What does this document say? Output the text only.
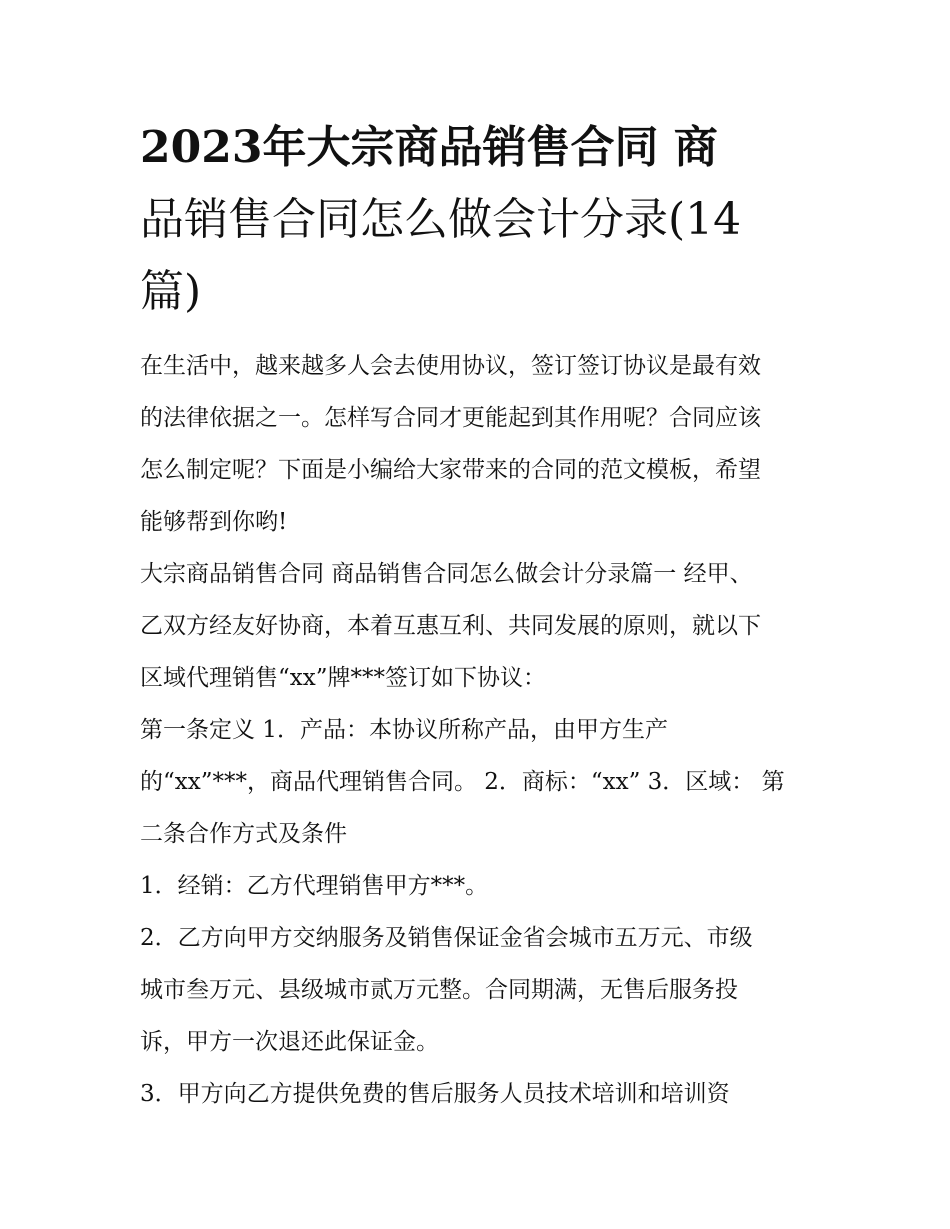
2023年大宗商品销售合同 商
品销售合同怎么做会计分录(14
篇)
在生活中，越来越多人会去使用协议，签订签订协议是最有效
的法律依据之一。怎样写合同才更能起到其作用呢？合同应该
怎么制定呢？下面是小编给大家带来的合同的范文模板，希望
能够帮到你哟!
大宗商品销售合同 商品销售合同怎么做会计分录篇一 经甲、
乙双方经友好协商，本着互惠互利、共同发展的原则，就以下
区域代理销售“xx”牌***签订如下协议：
第一条定义 1．产品：本协议所称产品，由甲方生产
的“xx”***，商品代理销售合同。 2．商标：“xx” 3．区域： 第
二条合作方式及条件
1．经销：乙方代理销售甲方***。
2．乙方向甲方交纳服务及销售保证金省会城市五万元、市级
城市叁万元、县级城市贰万元整。合同期满，无售后服务投
诉，甲方一次退还此保证金。
3．甲方向乙方提供免费的售后服务人员技术培训和培训资
